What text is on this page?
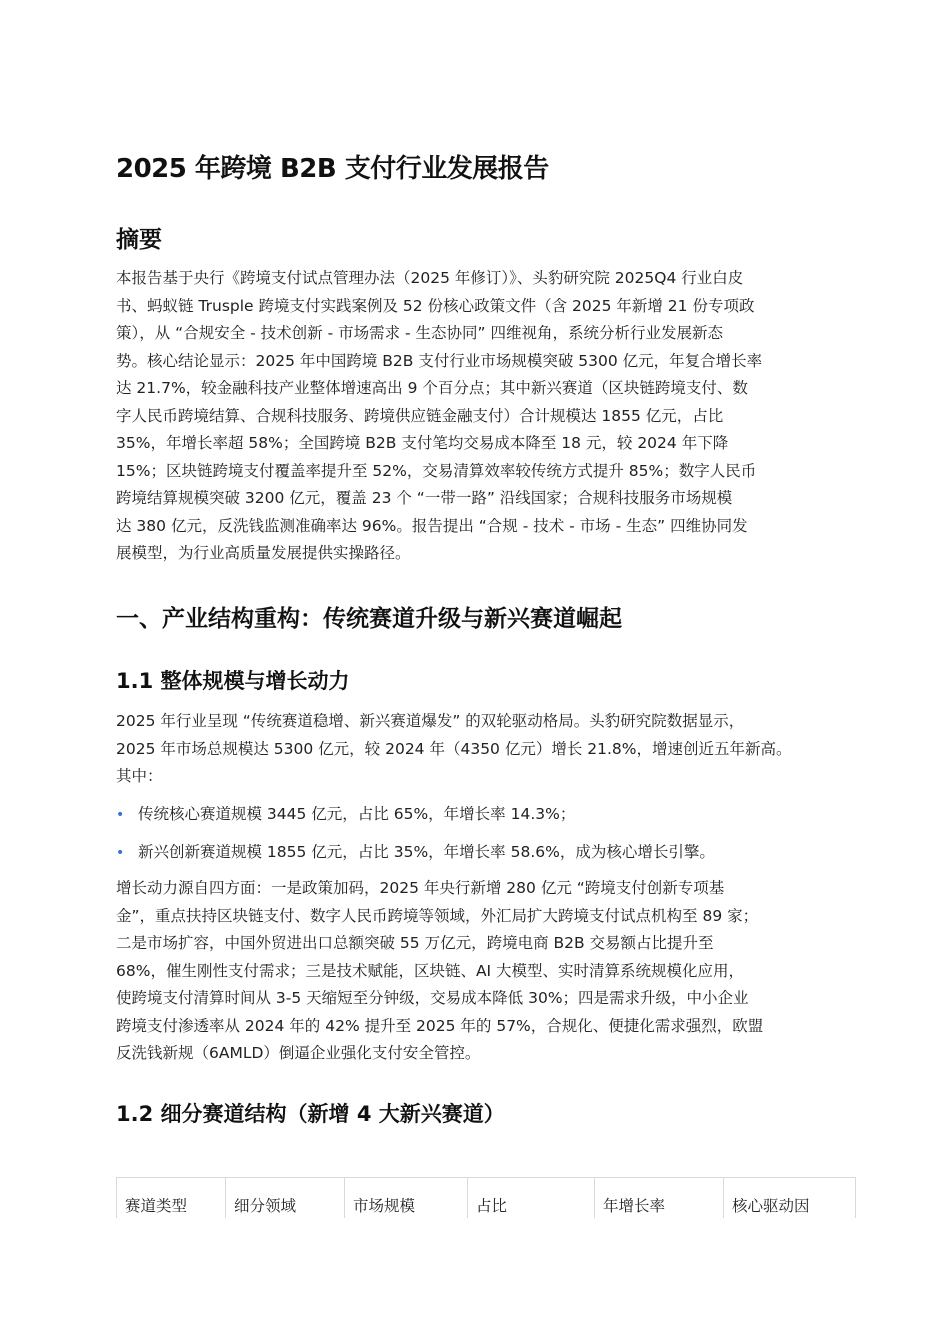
2025 年跨境 B2B 支付行业发展报告
摘要
本报告基于央行《跨境支付试点管理办法（2025 年修订）》、头豹研究院 2025Q4 行业白皮
书、蚂蚁链 Trusple 跨境支付实践案例及 52 份核心政策文件（含 2025 年新增 21 份专项政
策），从 “合规安全 - 技术创新 - 市场需求 - 生态协同” 四维视角，系统分析行业发展新态
势。核心结论显示：2025 年中国跨境 B2B 支付行业市场规模突破 5300 亿元，年复合增长率
达 21.7%，较金融科技产业整体增速高出 9 个百分点；其中新兴赛道（区块链跨境支付、数
字人民币跨境结算、合规科技服务、跨境供应链金融支付）合计规模达 1855 亿元，占比
35%，年增长率超 58%；全国跨境 B2B 支付笔均交易成本降至 18 元，较 2024 年下降
15%；区块链跨境支付覆盖率提升至 52%，交易清算效率较传统方式提升 85%；数字人民币
跨境结算规模突破 3200 亿元，覆盖 23 个 “一带一路” 沿线国家；合规科技服务市场规模
达 380 亿元，反洗钱监测准确率达 96%。报告提出 “合规 - 技术 - 市场 - 生态” 四维协同发
展模型，为行业高质量发展提供实操路径。
一、产业结构重构：传统赛道升级与新兴赛道崛起
1.1 整体规模与增长动力
2025 年行业呈现 “传统赛道稳增、新兴赛道爆发” 的双轮驱动格局。头豹研究院数据显示，
2025 年市场总规模达 5300 亿元，较 2024 年（4350 亿元）增长 21.8%，增速创近五年新高。
其中：
• 传统核心赛道规模 3445 亿元，占比 65%，年增长率 14.3%；
• 新兴创新赛道规模 1855 亿元，占比 35%，年增长率 58.6%，成为核心增长引擎。
增长动力源自四方面：一是政策加码，2025 年央行新增 280 亿元 “跨境支付创新专项基
金”，重点扶持区块链支付、数字人民币跨境等领域，外汇局扩大跨境支付试点机构至 89 家；
二是市场扩容，中国外贸进出口总额突破 55 万亿元，跨境电商 B2B 交易额占比提升至
68%，催生刚性支付需求；三是技术赋能，区块链、AI 大模型、实时清算系统规模化应用，
使跨境支付清算时间从 3-5 天缩短至分钟级，交易成本降低 30%；四是需求升级，中小企业
跨境支付渗透率从 2024 年的 42% 提升至 2025 年的 57%，合规化、便捷化需求强烈，欧盟
反洗钱新规（6AMLD）倒逼企业强化支付安全管控。
1.2 细分赛道结构（新增 4 大新兴赛道）
赛道类型	细分领域	市场规模	占比	年增长率	核心驱动因
